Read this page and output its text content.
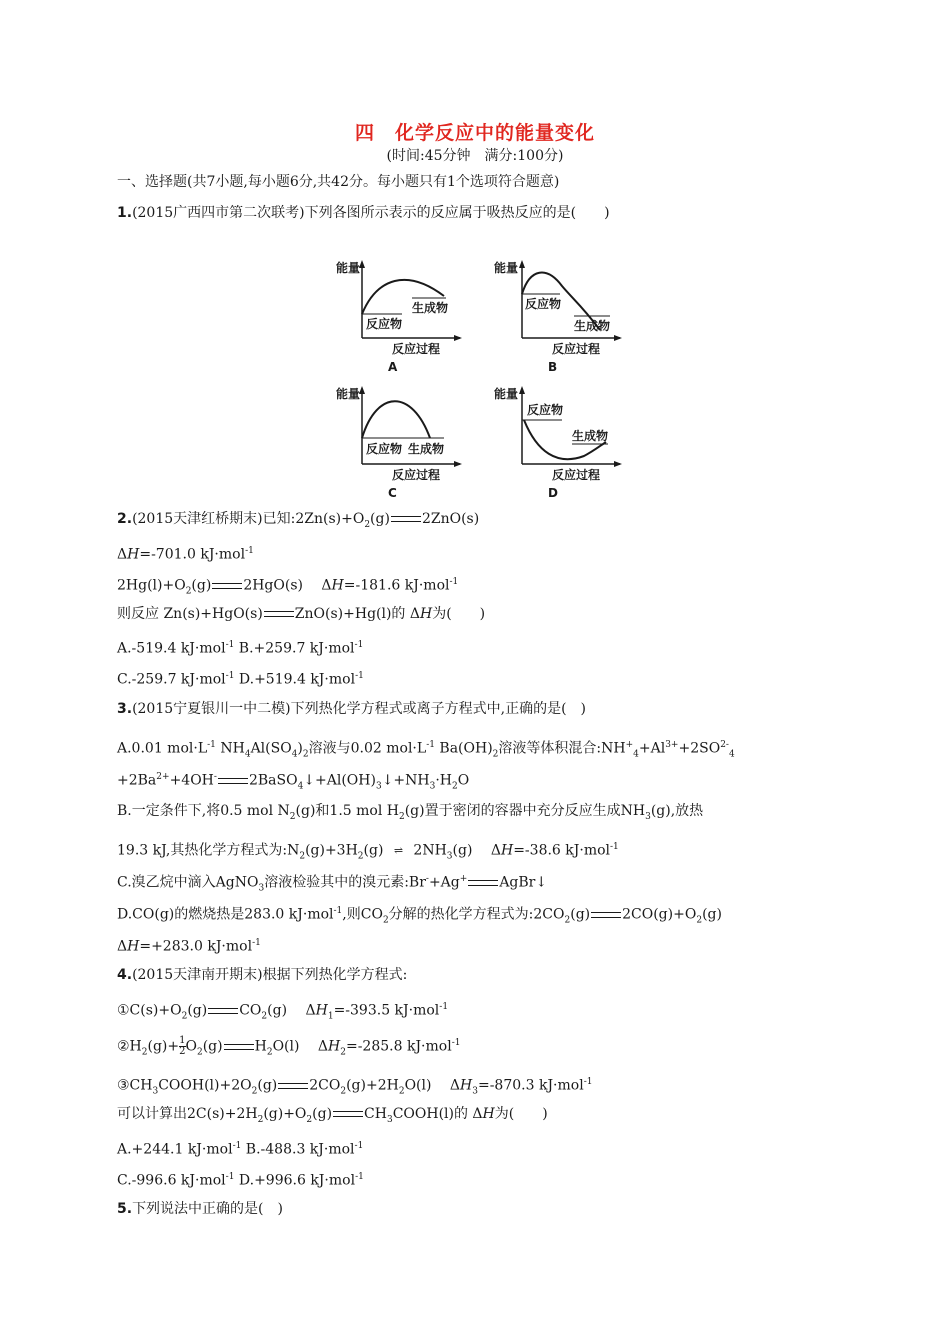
四　化学反应中的能量变化
(时间:45分钟　满分:100分)
一、选择题(共7小题,每小题6分,共42分。每小题只有1个选项符合题意)
1.(2015广西四市第二次联考)下列各图所示表示的反应属于吸热反应的是(　　)
能量
反应物
生成物
反应过程
A
能量
反应物
生成物
反应过程
B
能量
反应物 生成物
反应过程
C
能量
反应物
生成物
反应过程
D
2.(2015天津红桥期末)已知$:2Zn(s)+O_2(g)$ 2ZnO(s)
ΔH=-701.0 kJ·mol$^{-1}$
$2Hg(l)+O_2(g)$ 2HgO(s)　 ΔH=-181.6 kJ·mol$^{-1}$
则反应 Zn(s)+HgO(s) ZnO(s)+Hg(l)的 ΔH为(　　)
A.-519.4 kJ·mol$^{-1}$ B.+259.7 kJ·mol$^{-1}$
C.-259.7 kJ·mol$^{-1}$ D.+519.4 kJ·mol$^{-1}$
3.(2015宁夏银川一中二模)下列热化学方程式或离子方程式中,正确的是(　)
A.0.01 $mol\cdot L^{-1}$ $NH_4Al(SO_4)_2$溶液与0.02 $mol\cdot L^{-1}$ $Ba(OH)_2$溶液等体积混合$:NH^+_4+Al^{3+}+2SO^{2-}_4$
$+2Ba^{2+}+4OH^-$ $2BaSO_4↓+Al(OH)_3↓+NH_3\cdot H_2O$
B.一定条件下,将0.5 mol $N_2(g)$和1.5 mol $H_2(g)$置于密闭的容器中充分反应生成$NH_3(g)$,放热
19.3 kJ,其热化学方程式为$:N_2(g)+3H_2(g)$ ⇌ $2NH_3(g)$　 ΔH=-38.6 kJ·mol$^{-1}$
C.溴乙烷中滴入AgNO$_3$溶液检验其中的溴元素:Br-+Ag+ AgBr↓
D.CO(g)的燃烧热是283.0 kJ·mol$^{-1}$,则$CO_2$分解的热化学方程式为$:2CO_2(g)$ $2CO(g)+O_2(g)$
ΔH=+283.0 kJ·mol$^{-1}$
4.(2015天津南开期末)根据下列热化学方程式:
$①C(s)+O_2(g)$ $CO_2(g)$　 $\Delta H_1=-393.5$ kJ·mol$^{-1}$
$②H_2(g)+ \frac{1}{2} O_2(g)$ $H_2O(l)$　 $\Delta H_2=-285.8$ kJ·mol$^{-1}$
$③CH_3COOH(l)+2O_2(g)$ $2CO_2(g)+2H_2O(l)$　 $\Delta H_3=-870.3$ kJ·mol$^{-1}$
可以计算出$2C(s)+2H_2(g)+O_2(g)$ $CH_3COOH(l)$的 ΔH为(　　)
A.+244.1 kJ·mol$^{-1}$ B.-488.3 kJ·mol$^{-1}$
C.-996.6 kJ·mol$^{-1}$ D.+996.6 kJ·mol$^{-1}$
5.下列说法中正确的是(　)
